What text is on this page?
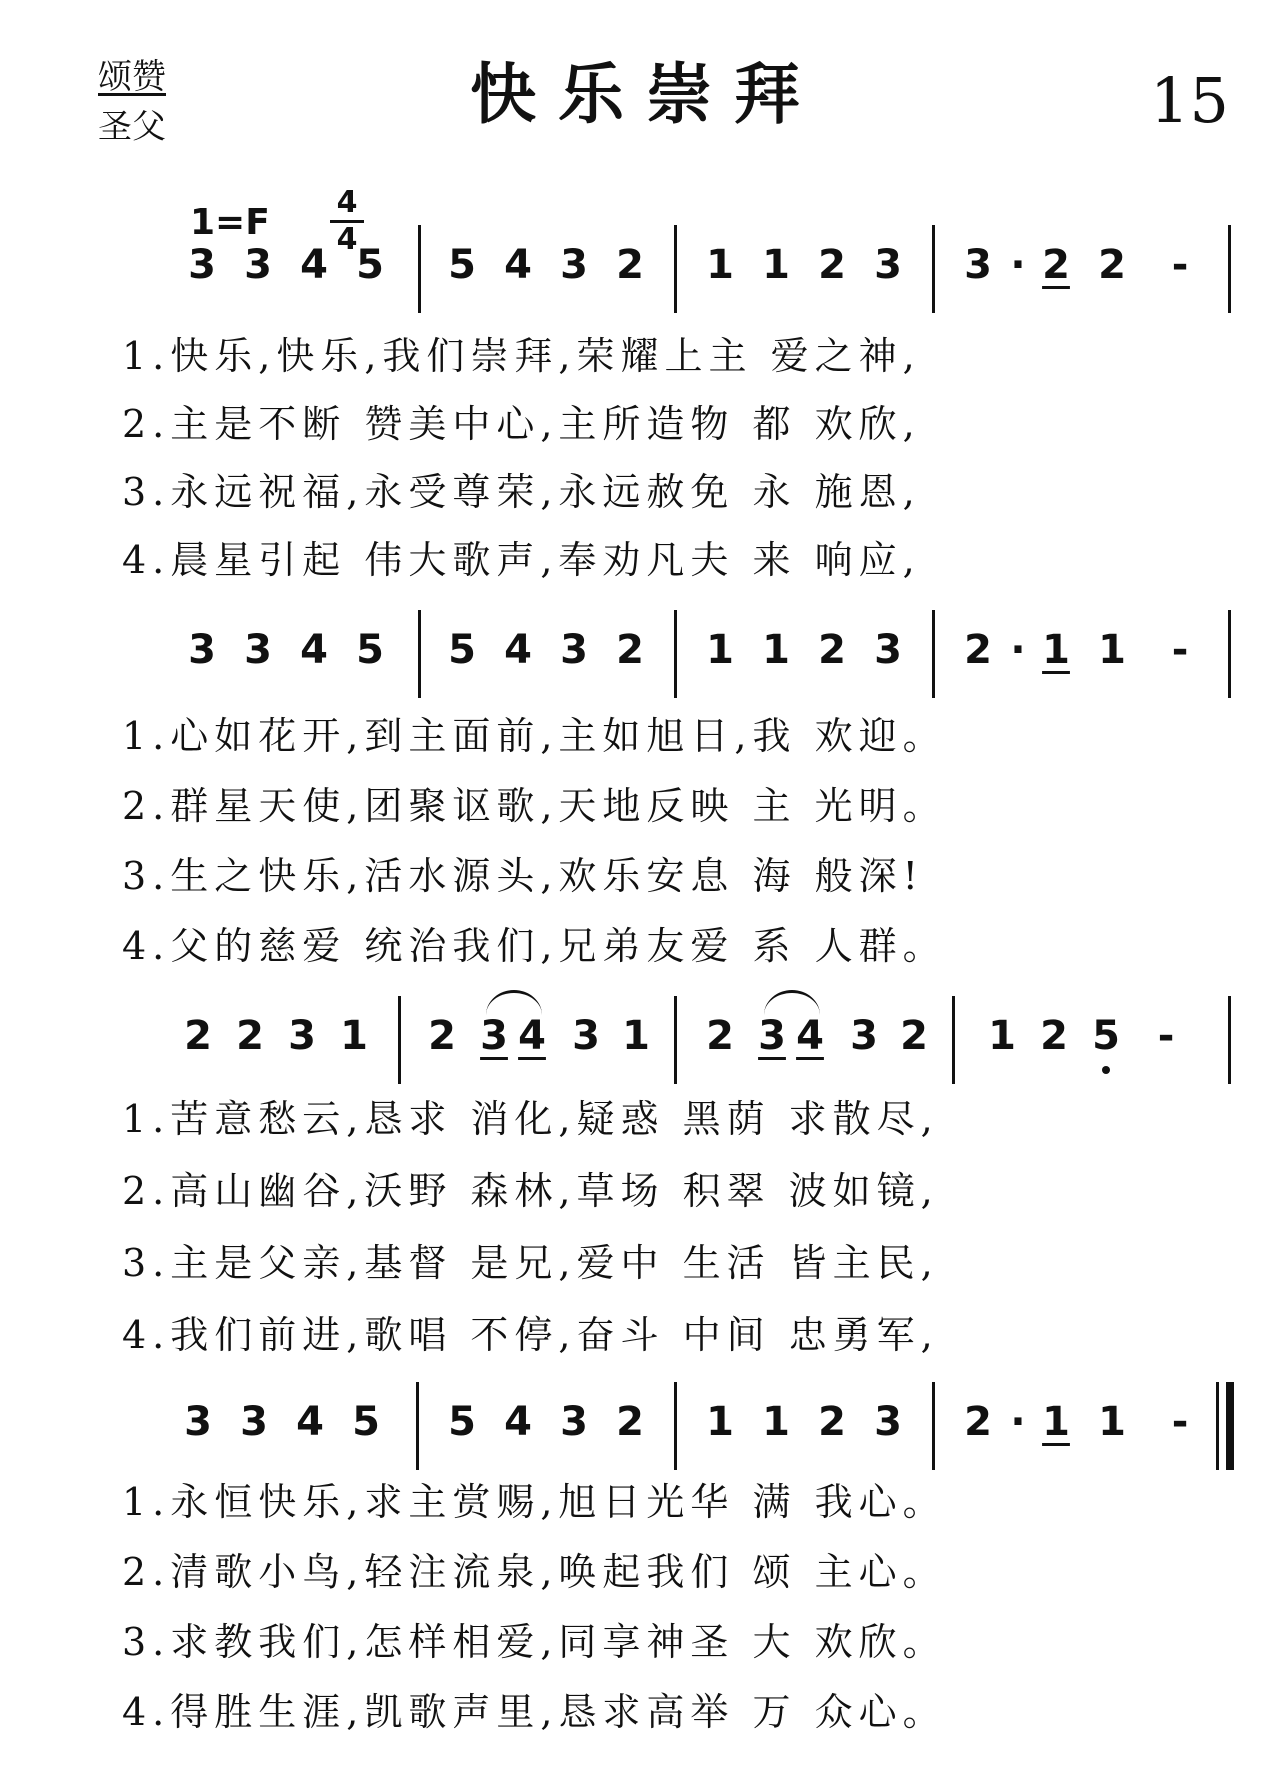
颂赞
圣父	快乐崇拜	15
1=F 4
4
3 3 4 5 5 4 3 2 1 1 2 3 3 · 2 2 -
1.快乐,快乐,我们崇拜,荣耀上主 爱之神,
2.主是不断 赞美中心,主所造物 都 欢欣,
3.永远祝福,永受尊荣,永远赦免 永 施恩,
4.晨星引起 伟大歌声,奉劝凡夫 来 响应,
3 3 4 5 5 4 3 2 1 1 2 3 2 · 1 1 -
1.心如花开,到主面前,主如旭日,我 欢迎。
2.群星天使,团聚讴歌,天地反映 主 光明。
3.生之快乐,活水源头,欢乐安息 海 般深!
4.父的慈爱 统治我们,兄弟友爱 系 人群。
2 2 3 1 2 3 4 3 1 2 3 4 3 2 1 2 5 -
1.苦意愁云,恳求 消化,疑惑 黑荫 求散尽,
2.高山幽谷,沃野 森林,草场 积翠 波如镜,
3.主是父亲,基督 是兄,爱中 生活 皆主民,
4.我们前进,歌唱 不停,奋斗 中间 忠勇军,
3 3 4 5 5 4 3 2 1 1 2 3 2 · 1 1 -
1.永恒快乐,求主赏赐,旭日光华 满 我心。
2.清歌小鸟,轻注流泉,唤起我们 颂 主心。
3.求教我们,怎样相爱,同享神圣 大 欢欣。
4.得胜生涯,凯歌声里,恳求高举 万 众心。
